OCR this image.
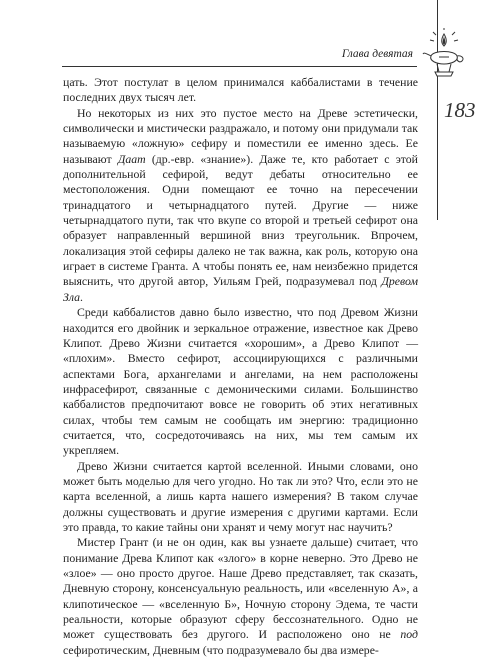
Глава девятая
183

цать. Этот постулат в целом принимался каббалистами в течение последних двух тысяч лет.

Но некоторых из них это пустое место на Древе эстетически, символически и мистически раздражало, и потому они придумали так называемую «ложную» сефиру и поместили ее именно здесь. Ее называют Даат (др.-евр. «знание»). Даже те, кто работает с этой дополнительной сефирой, ведут дебаты относительно ее местоположения. Одни помещают ее точно на пересечении тринадцатого и четырнадцатого путей. Другие — ниже четырнадцатого пути, так что вкупе со второй и третьей сефирот она образует направленный вершиной вниз треугольник. Впрочем, локализация этой сефиры далеко не так важна, как роль, которую она играет в системе Гранта. А чтобы понять ее, нам неизбежно придется выяснить, что другой автор, Уильям Грей, подразумевал под Древом Зла.

Среди каббалистов давно было известно, что под Древом Жизни находится его двойник и зеркальное отражение, известное как Древо Клипот. Древо Жизни считается «хорошим», а Древо Клипот — «плохим». Вместо сефирот, ассоциирующихся с различными аспектами Бога, архангелами и ангелами, на нем расположены инфрасефирот, связанные с демоническими силами. Большинство каббалистов предпочитают вовсе не говорить об этих негативных силах, чтобы тем самым не сообщать им энергию: традиционно считается, что, сосредоточиваясь на них, мы тем самым их укрепляем.

Древо Жизни считается картой вселенной. Иными словами, оно может быть моделью для чего угодно. Но так ли это? Что, если это не карта вселенной, а лишь карта нашего измерения? В таком случае должны существовать и другие измерения с другими картами. Если это правда, то какие тайны они хранят и чему могут нас научить?

Мистер Грант (и не он один, как вы узнаете дальше) считает, что понимание Древа Клипот как «злого» в корне неверно. Это Древо не «злое» — оно просто другое. Наше Древо представляет, так сказать, Дневную сторону, консенсуальную реальность, или «вселенную А», а клипотическое — «вселенную Б», Ночную сторону Эдема, те части реальности, которые образуют сферу бессознательного. Одно не может существовать без другого. И расположено оно не под сефиротическим, Дневным (что подразумевало бы два измере-
